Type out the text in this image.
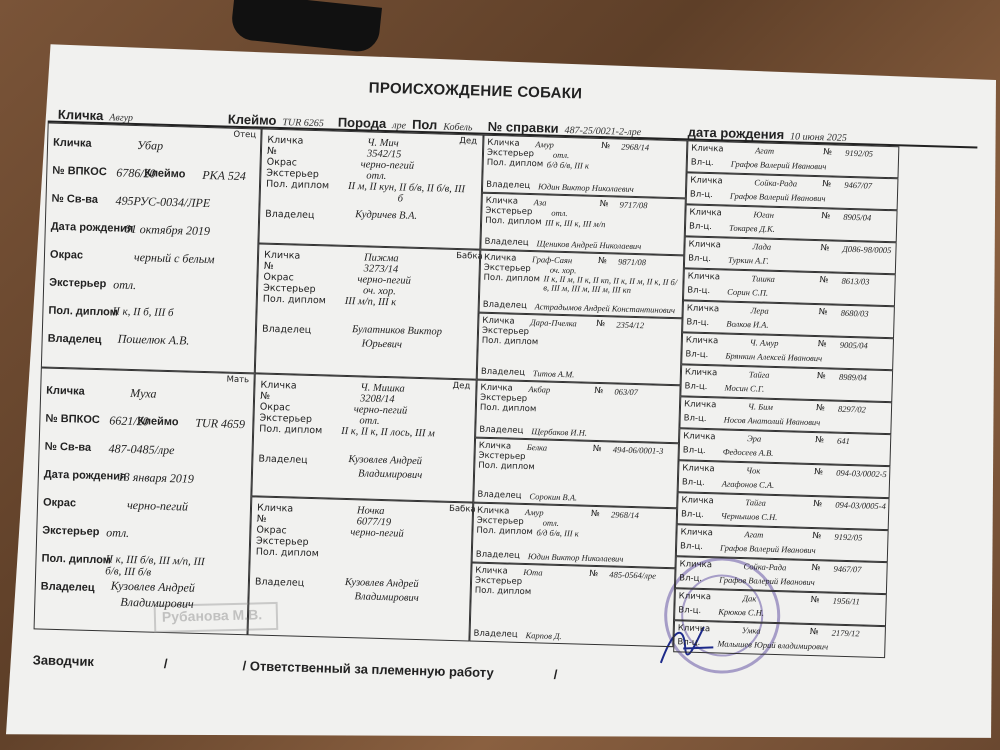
ПРОИСХОЖДЕНИЕ СОБАКИ
Кличка Авгур	Клеймо TUR 6265	Порода лре Пол Кобель	№ справки 487-25/0021-2-лре	дата рождения 10 июня 2025
Отец
Мать
Рубанова М.В.
Заводчик	/	/ Ответственный за племенную работу	/
Кличка	Убар
№ ВПКОС 6786/20
№ Св-ва 495РУС-0034/ЛРЕ
Дата рождения
01 октября 2019
Окрас	черный с белым
Экстерьер отл.
Пол. диплом
II к, II б, III б
Клеймо РКА 524
Владелец Пошелюк А.В.
Кличка	Муха
№ ВПКОС 6621/20
№ Св-ва 487-0485/лре
Дата рождения
13 января 2019
Окрас	черно-пегий
Экстерьер отл.
Пол. диплом
II к, III б/в, III м/п, III б/в, III б/в
Клеймо TUR 4659
Владелец Кузовлев Андрей
Владимирович
Дед
Кличка	Ч. Мич
№	3542/15
Окрас	черно-пегий
Экстерьер	отл.
Пол. диплом II м, II кун, II б/в, II б/в, III
б
Владелец	Кудричев В.А.
Бабка
Кличка	Пижма
№	3273/14
Окрас	черно-пегий
Экстерьер	оч. хор.
Пол. диплом III м/п, III к
Владелец	Булатников Виктор
Юрьевич
Дед
Кличка	Ч. Мишка
№	3208/14
Окрас	черно-пегий
Экстерьер	отл.
Пол. диплом II к, II к, II лось, III м
Владелец	Кузовлев Андрей
Владимирович
Бабка
Кличка	Ночка
№	6077/19
Окрас	черно-пегий
Экстерьер
Пол. диплом
Владелец	Кузовлев Андрей
Владимирович
Кличка Амур	№ 2968/14
Экстерьер отл.
Пол. диплом б/д б/в, III к
Владелец Юдин Виктор Николаевич
Кличка Аза	№ 9717/08
Экстерьер отл.
Пол. диплом III к, III к, III м/п
Владелец Щеников Андрей Николаевич
Кличка Граф-Саян	№ 9871/08
Экстерьер оч. хор.
Пол. диплом II к, II м, II к, II кп, II к, II м, II к, II б/в, III м, III м, III м, III кп
Владелец Астрадымов Андрей Константинович
Кличка Дара-Пчелка № 2354/12
Экстерьер
Пол. диплом
Владелец Титов А.М.
Кличка Акбар	№ 063/07
Экстерьер
Пол. диплом
Владелец Щербаков И.Н.
Кличка Белка	№ 494-06/0001-3
Экстерьер
Пол. диплом
Владелец Сорокин В.А.
Кличка Амур	№ 2968/14
Экстерьер отл.
Пол. диплом б/д б/в, III к
Владелец Юдин Виктор Николаевич
Кличка Юта	№ 485-0564/лре
Экстерьер
Пол. диплом
Владелец Карпов Д.
Кличка	Агат	№ 9192/05
Вл-ц. Графов Валерий Иванович
Кличка	Сойка-Рада	№ 9467/07
Вл-ц. Графов Валерий Иванович
Кличка	Юган	№ 8905/04
Вл-ц. Токарев Д.К.
Кличка	Лада	№ Д086-98/0005
Вл-ц. Туркин А.Г.
Кличка	Тишка	№ 8613/03
Вл-ц. Сорин С.П.
Кличка	Лера	№ 8680/03
Вл-ц. Волков И.А.
Кличка	Ч. Амур	№ 9005/04
Вл-ц. Брянкин Алексей Иванович
Кличка	Тайга	№ 8989/04
Вл-ц. Мосин С.Г.
Кличка	Ч. Бим	№ 8297/02
Вл-ц. Носов Анатолий Иванович
Кличка	Эра	№ 641
Вл-ц. Федосеев А.В.
Кличка	Чок	№ 094-03/0002-5
Вл-ц. Агафонов С.А.
Кличка	Тайга	№ 094-03/0005-4
Вл-ц. Чернышов С.Н.
Кличка	Агат	№ 9192/05
Вл-ц. Графов Валерий Иванович
Кличка	Сойка-Рада	№ 9467/07
Вл-ц. Графов Валерий Иванович
Кличка	Дак	№ 1956/11
Вл-ц. Крюков С.Н.
Кличка	Умка	№ 2179/12
Вл-ц. Малышев Юрий владимирович
